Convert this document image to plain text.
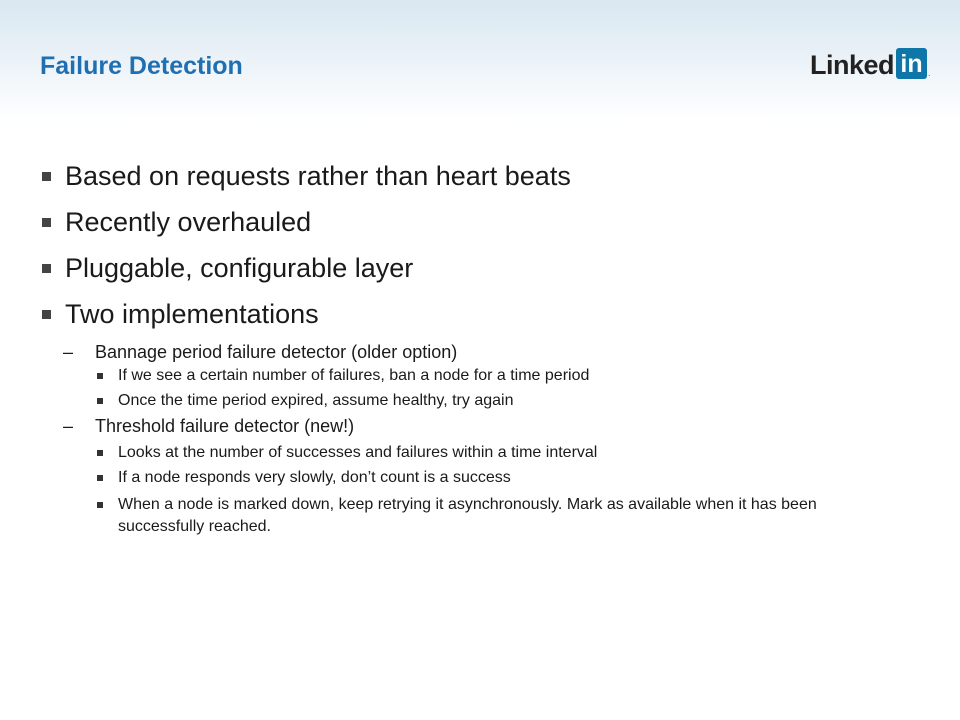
Failure Detection	Linked in .
Based on requests rather than heart beats
Recently overhauled
Pluggable, configurable layer
Two implementations
–	Bannage period failure detector (older option)
If we see a certain number of failures, ban a node for a time period
Once the time period expired, assume healthy, try again
–	Threshold failure detector (new!)
Looks at the number of successes and failures within a time interval
If a node responds very slowly, don’t count is a success
When a node is marked down, keep retrying it asynchronously. Mark as available when it has been successfully reached.
